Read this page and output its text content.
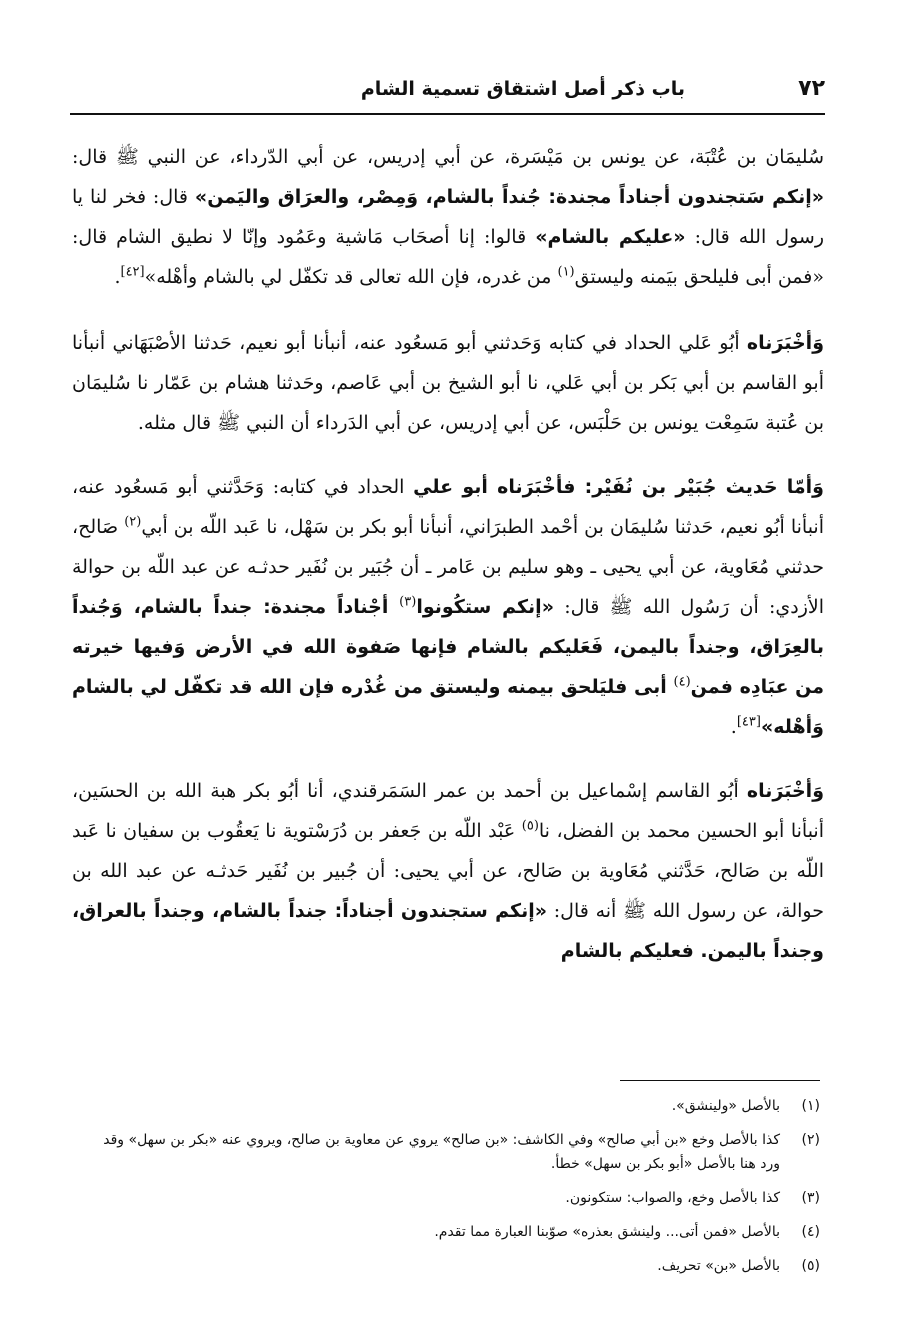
٧٢
باب ذكر أصل اشتقاق تسمية الشام

سُليمَان بن عُتْبَة، عن يونس بن مَيْسَرة، عن أبي إدريس، عن أبي الدّرداء، عن النبي ﷺ قال: «إنكم سَتجندون أجناداً مجندة: جُنداً بالشام، وَمِصْر، والعرَاق واليَمن» قال: فخر لنا يا رسول الله قال: «عليكم بالشام» قالوا: إنا أصحَاب مَاشية وعَمُود وإنّا لا نطيق الشام قال: «فمن أبى فليلحق بيَمنه وليستق$^{(١)}$ من غدره، فإن الله تعالى قد تكفّل لي بالشام وأهْله»[٤٢].

وَأخْبَرَناه أبُو عَلي الحداد في كتابه وَحَدثني أبو مَسعُود عنه، أنبأنا أبو نعيم، حَدثنا الأصْبَهَاني أنبأنا أبو القاسم بن أبي بَكر بن أبي عَلي، نا أبو الشيخ بن أبي عَاصم، وحَدثنا هشام بن عَمّار نا سُليمَان بن عُتبة سَمِعْت يونس بن حَلْبَس، عن أبي إدريس، عن أبي الدَرداء أن النبي ﷺ قال مثله.

وَأمّا حَديث جُبَيْر بن نُفَيْر: فأخْبَرَناه أبو علي الحداد في كتابه: وَحَدَّثني أبو مَسعُود عنه، أنبأنا أبُو نعيم، حَدثنا سُليمَان بن أحْمد الطبرَاني، أنبأنا أبو بكر بن سَهْل، نا عَبد اللّه بن أبي$^{(٢)}$ صَالح، حدثني مُعَاوية، عن أبي يحيى ـ وهو سليم بن عَامر ـ أن جُبَير بن نُفَير حدثـه عن عبد اللّه بن حوالة الأزدي: أن رَسُول الله ﷺ قال: «إنكم ستكُونوا$^{(٣)}$ أجْناداً مجندة: جنداً بالشام، وَجُنداً بالعِرَاق، وجنداً باليمن، فَعَليكم بالشام فإنها صَفوة الله في الأرض وَفيها خيرته من عبَادِه فمن$^{(٤)}$ أبى فليَلحق بيمنه وليستق من غُدْره فإن الله قد تكفّل لي بالشام وَأهْله»[٤٣].

وَأخْبَرَناه أبُو القاسم إسْماعيل بن أحمد بن عمر السَمَرقندي، أنا أبُو بكر هبة الله بن الحسَين، أنبأنا أبو الحسين محمد بن الفضل، نا$^{(٥)}$ عَبْد اللّه بن جَعفر بن دُرَسْتوية نا يَعقُوب بن سفيان نا عَبد اللّه بن صَالح، حَدَّثني مُعَاوية بن صَالح، عن أبي يحيى: أن جُبير بن نُفَير حَدثـه عن عبد الله بن حوالة، عن رسول الله ﷺ أنه قال: «إنكم ستجندون أجناداً: جنداً بالشام، وجنداً بالعراق، وجنداً باليمن. فعليكم بالشام

(١)
بالأصل «ولينشق».
(٢)
كذا بالأصل وخع «بن أبي صالح» وفي الكاشف: «بن صالح» يروي عن معاوية بن صالح، ويروي عنه «بكر بن سهل» وقد ورد هنا بالأصل «أبو بكر بن سهل» خطأ.
(٣)
كذا بالأصل وخع، والصواب: ستكونون.
(٤)
بالأصل «فمن أتى... ولينشق بعذره» صوّبنا العبارة مما تقدم.
(٥)
بالأصل «بن» تحريف.
